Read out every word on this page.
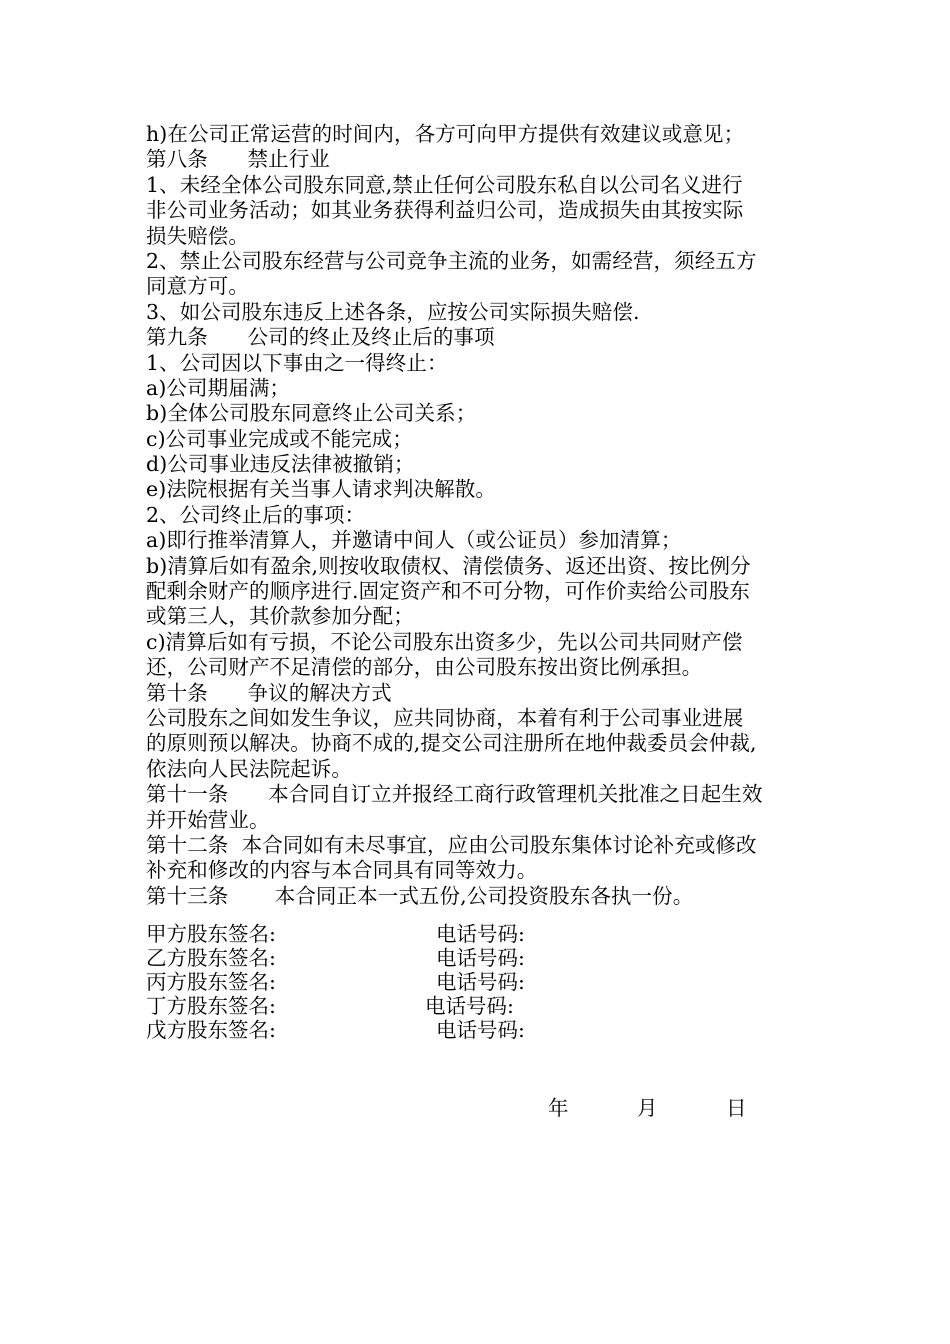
h)在公司正常运营的时间内，各方可向甲方提供有效建议或意见；
第八条      禁止行业
1、未经全体公司股东同意,禁止任何公司股东私自以公司名义进行
非公司业务活动；如其业务获得利益归公司，造成损失由其按实际
损失赔偿。
2、禁止公司股东经营与公司竞争主流的业务，如需经营，须经五方
同意方可。
3、如公司股东违反上述各条，应按公司实际损失赔偿.
第九条      公司的终止及终止后的事项
1、公司因以下事由之一得终止：
a)公司期届满；
b)全体公司股东同意终止公司关系；
c)公司事业完成或不能完成；
d)公司事业违反法律被撤销；
e)法院根据有关当事人请求判决解散。
2、公司终止后的事项：
a)即行推举清算人，并邀请中间人（或公证员）参加清算；
b)清算后如有盈余,则按收取债权、清偿债务、返还出资、按比例分
配剩余财产的顺序进行.固定资产和不可分物，可作价卖给公司股东
或第三人，其价款参加分配；
c)清算后如有亏损，不论公司股东出资多少，先以公司共同财产偿
还，公司财产不足清偿的部分，由公司股东按出资比例承担。
第十条      争议的解决方式
公司股东之间如发生争议，应共同协商，本着有利于公司事业进展
的原则预以解决。协商不成的,提交公司注册所在地仲裁委员会仲裁,
依法向人民法院起诉。
第十一条      本合同自订立并报经工商行政管理机关批准之日起生效
并开始营业。
第十二条  本合同如有未尽事宜，应由公司股东集体讨论补充或修改
补充和修改的内容与本合同具有同等效力。
第十三条       本合同正本一式五份,公司投资股东各执一份。
甲方股东签名:	电话号码:
乙方股东签名:	电话号码:
丙方股东签名:	电话号码:
丁方股东签名:	电话号码:
戊方股东签名:	电话号码:
年	月	日
